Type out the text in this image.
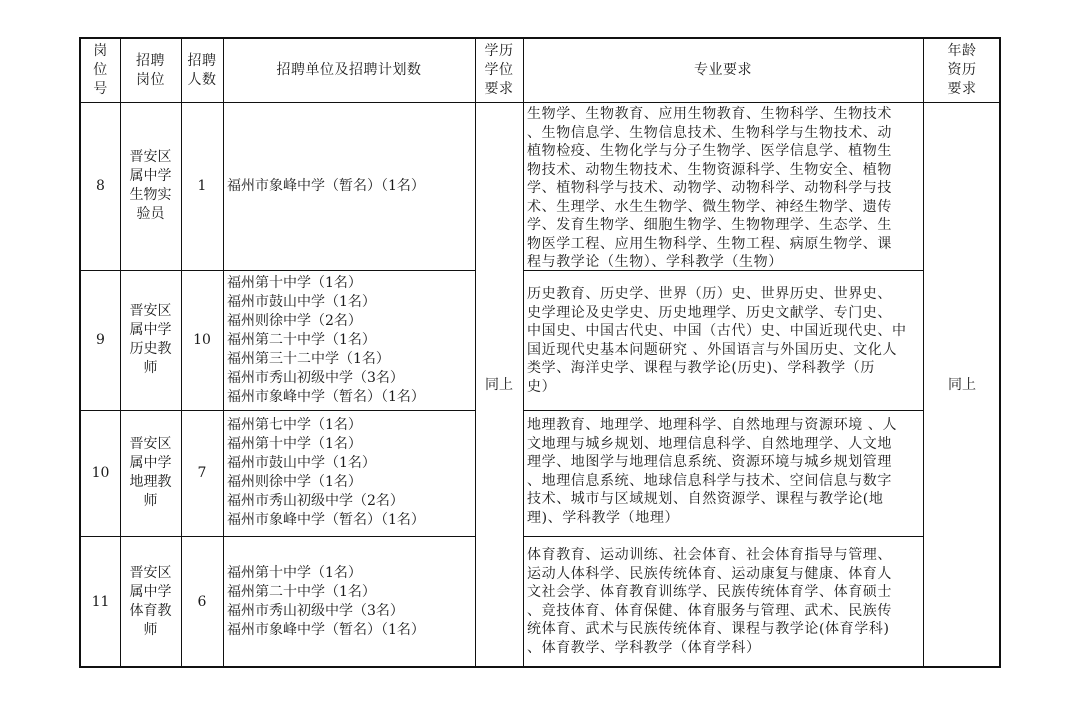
岗
位
号
招聘
岗位
招聘
人数
招聘单位及招聘计划数
学历
学位
要求
专业要求
年龄
资历
要求
同上	同上
8
晋安区
属中学
生物实
验员
1 福州市象峰中学（暂名）（1名）
生物学、生物教育、应用生物教育、生物科学、生物技术
、生物信息学、生物信息技术、生物科学与生物技术、动
植物检疫、生物化学与分子生物学、医学信息学、植物生
物技术、动物生物技术、生物资源科学、生物安全、植物
学、植物科学与技术、动物学、动物科学、动物科学与技
术、生理学、水生生物学、微生物学、神经生物学、遗传
学、发育生物学、细胞生物学、生物物理学、生态学、生
物医学工程、应用生物科学、生物工程、病原生物学、课
程与教学论（生物）、学科教学（生物）
9
晋安区
属中学
历史教
师
10
福州第十中学（1名）
福州市鼓山中学（1名）
福州则徐中学（2名）
福州第二十中学（1名）
福州第三十二中学（1名）
福州市秀山初级中学（3名）
福州市象峰中学（暂名）（1名）
历史教育、历史学、世界（历）史、世界历史、世界史、
史学理论及史学史、历史地理学、历史文献学、专门史、
中国史、中国古代史、中国（古代）史、中国近现代史、中
国近现代史基本问题研究 、外国语言与外国历史、文化人
类学、海洋史学、课程与教学论(历史)、学科教学（历
史）
10
晋安区
属中学
地理教
师
7
福州第七中学（1名）
福州第十中学（1名）
福州市鼓山中学（1名）
福州则徐中学（1名）
福州市秀山初级中学（2名）
福州市象峰中学（暂名）（1名）
地理教育、地理学、地理科学、自然地理与资源环境 、人
文地理与城乡规划、地理信息科学、自然地理学、人文地
理学、地图学与地理信息系统、资源环境与城乡规划管理
、地理信息系统、地球信息科学与技术、空间信息与数字
技术、城市与区域规划、自然资源学、课程与教学论(地
理)、学科教学（地理）
11
晋安区
属中学
体育教
师
6
福州第十中学（1名）
福州第二十中学（1名）
福州市秀山初级中学（3名）
福州市象峰中学（暂名）（1名）
体育教育、运动训练、社会体育、社会体育指导与管理、
运动人体科学、民族传统体育、运动康复与健康、体育人
文社会学、体育教育训练学、民族传统体育学、体育硕士
、竞技体育、体育保健、体育服务与管理、武术、民族传
统体育、武术与民族传统体育、课程与教学论(体育学科)
、体育教学、学科教学（体育学科）
